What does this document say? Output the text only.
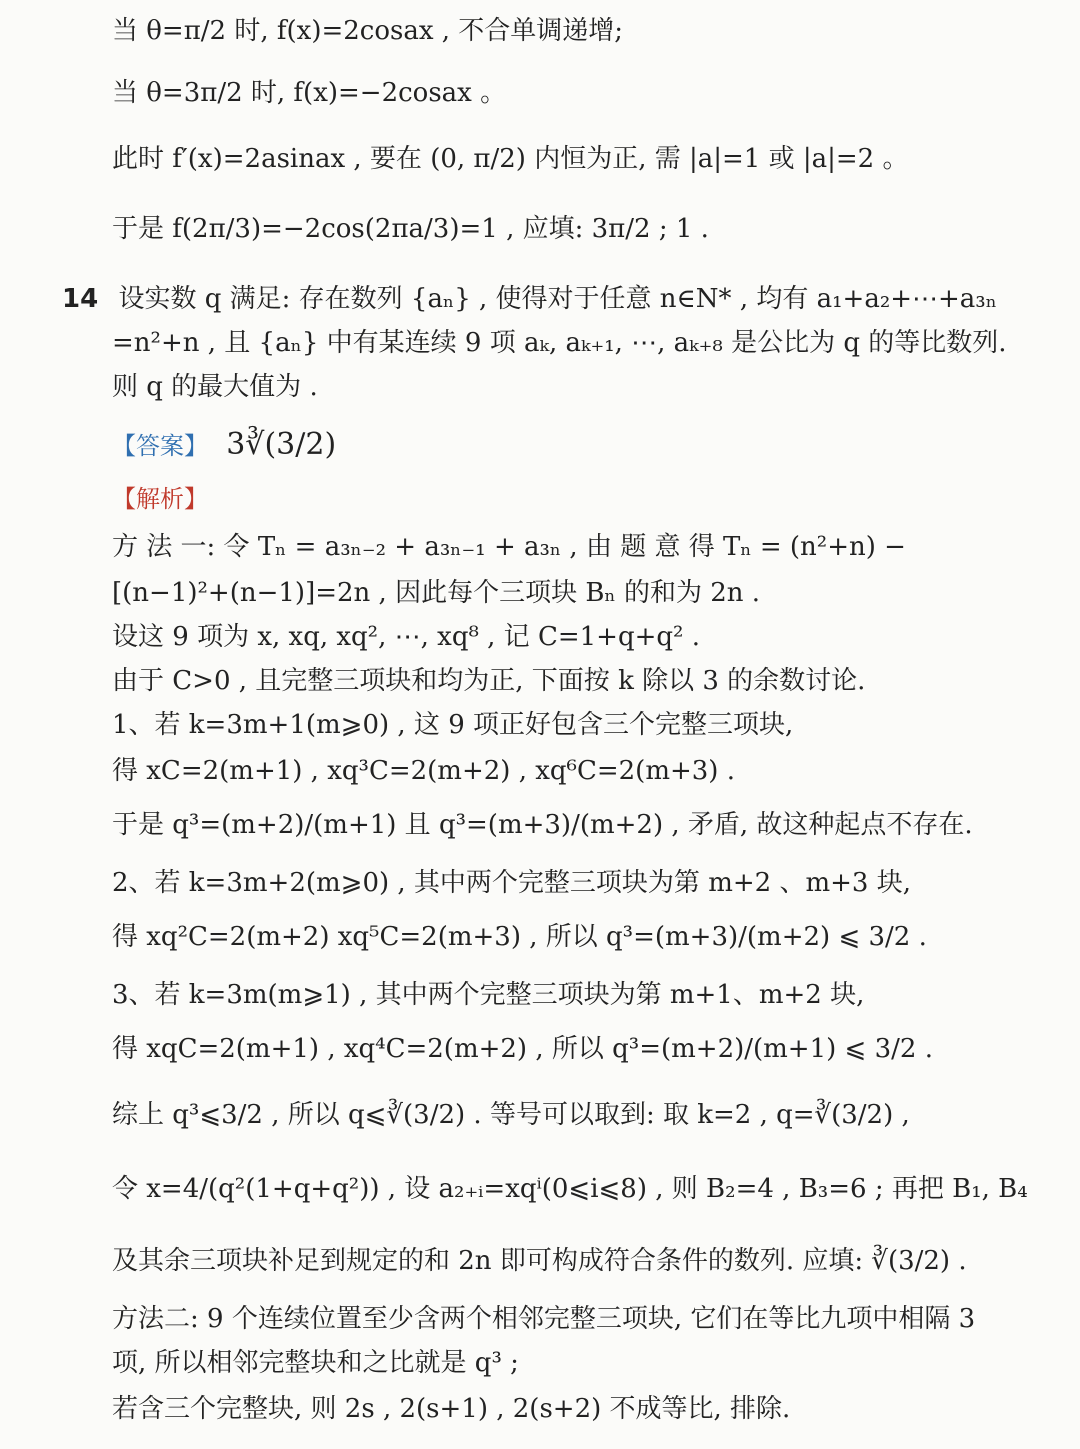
当 θ=π/2 时, f(x)=2cosax , 不合单调递增;
当 θ=3π/2 时, f(x)=−2cosax 。
此时 f′(x)=2asinax , 要在 (0, π/2) 内恒为正, 需 |a|=1 或 |a|=2 。
于是 f(2π/3)=−2cos(2πa/3)=1 , 应填: 3π/2 ; 1 .
14 设实数 q 满足: 存在数列 {aₙ} , 使得对于任意 n∈N* , 均有 a₁+a₂+⋯+a₃ₙ
=n²+n , 且 {aₙ} 中有某连续 9 项 aₖ, aₖ₊₁, ⋯, aₖ₊₈ 是公比为 q 的等比数列.
则 q 的最大值为 .
【答案】 3∛(3/2)
【解析】
方 法 一: 令 Tₙ = a₃ₙ₋₂ + a₃ₙ₋₁ + a₃ₙ , 由 题 意 得 Tₙ = (n²+n) −
[(n−1)²+(n−1)]=2n , 因此每个三项块 Bₙ 的和为 2n .
设这 9 项为 x, xq, xq², ⋯, xq⁸ , 记 C=1+q+q² .
由于 C>0 , 且完整三项块和均为正, 下面按 k 除以 3 的余数讨论.
1、若 k=3m+1(m⩾0) , 这 9 项正好包含三个完整三项块,
得 xC=2(m+1) , xq³C=2(m+2) , xq⁶C=2(m+3) .
于是 q³=(m+2)/(m+1) 且 q³=(m+3)/(m+2) , 矛盾, 故这种起点不存在.
2、若 k=3m+2(m⩾0) , 其中两个完整三项块为第 m+2 、m+3 块,
得 xq²C=2(m+2) xq⁵C=2(m+3) , 所以 q³=(m+3)/(m+2) ⩽ 3/2 .
3、若 k=3m(m⩾1) , 其中两个完整三项块为第 m+1、m+2 块,
得 xqC=2(m+1) , xq⁴C=2(m+2) , 所以 q³=(m+2)/(m+1) ⩽ 3/2 .
综上 q³⩽3/2 , 所以 q⩽∛(3/2) . 等号可以取到: 取 k=2 , q=∛(3/2) ,
令 x=4/(q²(1+q+q²)) , 设 a₂₊ᵢ=xqⁱ(0⩽i⩽8) , 则 B₂=4 , B₃=6 ; 再把 B₁, B₄
及其余三项块补足到规定的和 2n 即可构成符合条件的数列. 应填: ∛(3/2) .
方法二: 9 个连续位置至少含两个相邻完整三项块, 它们在等比九项中相隔 3
项, 所以相邻完整块和之比就是 q³ ;
若含三个完整块, 则 2s , 2(s+1) , 2(s+2) 不成等比, 排除.
